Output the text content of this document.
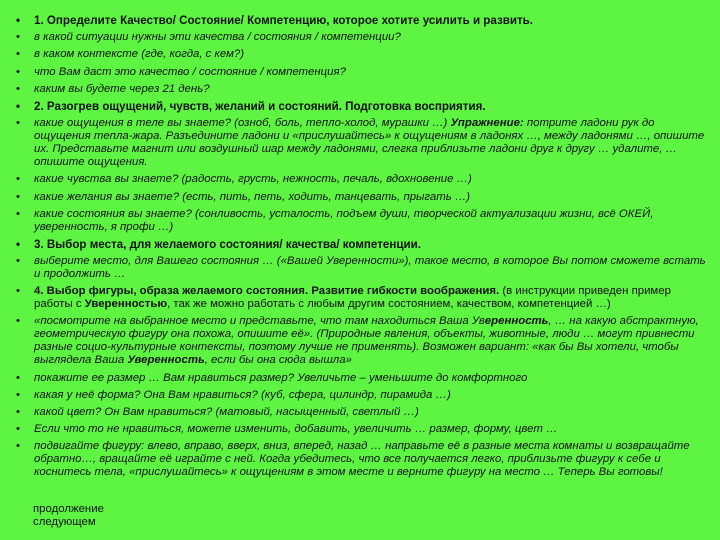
• 1. Определите Качество/ Состояние/ Компетенцию, которое хотите усилить и развить.
• в какой ситуации нужны эти качества / состояния / компетенции?
• в каком контексте (где, когда, с кем?)
• что Вам даст это качество / состояние / компетенция?
• каким вы будете через 21 день?
• 2. Разогрев ощущений, чувств, желаний и состояний. Подготовка восприятия.
• какие ощущения в теле вы знаете? (озноб, боль, тепло-холод, мурашки …) Упражнение: потрите ладони рук до ощущения тепла-жара. Разъедините ладони и «прислушайтесь» к ощущениям в ладонях …, между ладонями …, опишите их. Представьте магнит или воздушный шар между ладонями, слегка приблизьте ладони друг к другу … удалите, … опишите ощущения.
• какие чувства вы знаете? (радость, грусть, нежность, печаль, вдохновение …)
• какие желания вы знаете? (есть, пить, петь, ходить, танцевать, прыгать …)
• какие состояния вы знаете? (сонливость, усталость, подъем души, творческой актуализации жизни, всё ОКЕЙ, уверенность, я профи …)
• 3. Выбор места, для желаемого состояния/ качества/ компетенции.
• выберите место, для Вашего состояния … («Вашей Уверенности»), такое место, в которое Вы потом сможете встать и продолжить …
• 4. Выбор фигуры, образа желаемого состояния. Развитие гибкости воображения. (в инструкции приведен пример работы с Уверенностью, так же можно работать с любым другим состоянием, качеством, компетенцией …)
• «посмотрите на выбранное место и представьте, что там находиться Ваша Уверенность, … на какую абстрактную, геометрическую фигуру она похожа, опишите её». (Природные явления, объекты, животные, люди … могут привнести разные социо-культурные контексты, поэтому лучше не применять). Возможен вариант: «как бы Вы хотели, чтобы выглядела Ваша Уверенность, если бы она сюда вышла»
• покажите ее размер … Вам нравиться размер? Увеличьте – уменьшите до комфортного
• какая у неё форма? Она Вам нравиться? (куб, сфера, цилиндр, пирамида …)
• какой цвет? Он Вам нравиться? (матовый, насыщенный, светлый …)
• Если что то не нравиться, можете изменить, добавить, увеличить … размер, форму, цвет …
• подвигайте фигуру: влево, вправо, вверх, вниз, вперед, назад … направьте её в разные места комнаты и возвращайте обратно…, вращайте её играйте с ней. Когда убедитесь, что все получается легко, приблизьте фигуру к себе и коснитесь тела, «прислушайтесь» к ощущениям в этом месте и верните фигуру на место … Теперь Вы готовы!
продолжение
следующем
